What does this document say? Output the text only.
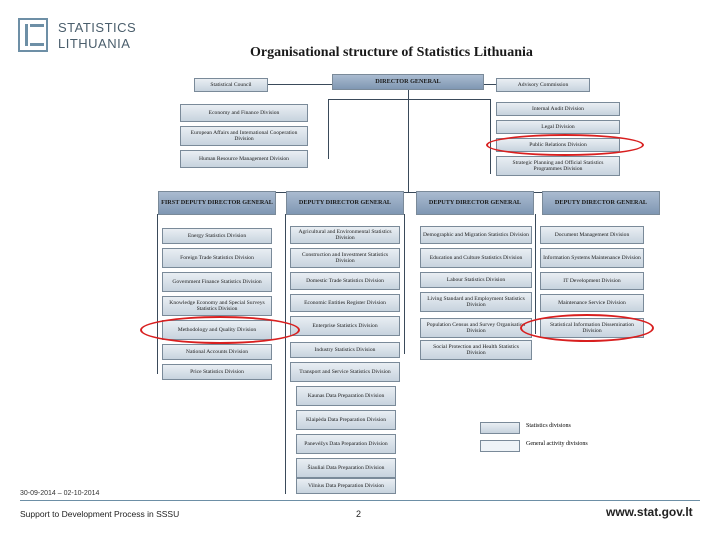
STATISTICS
LITHUANIA
Organisational structure of Statistics Lithuania
Statistical Council	DIRECTOR GENERAL	Advisory Commission
Economy and Finance Division
European Affairs and International Cooperation Division
Human Resource Management Division
Internal Audit Division
Legal Division
Public Relations Division
Strategic Planning and Official Statistics Programmes Division
FIRST DEPUTY DIRECTOR GENERAL	DEPUTY DIRECTOR GENERAL	DEPUTY DIRECTOR GENERAL	DEPUTY DIRECTOR GENERAL
Energy Statistics Division
Foreign Trade Statistics Division
Government Finance Statistics Division
Knowledge Economy and Special Surveys Statistics Division
Methodology and Quality Division
National Accounts Division
Price Statistics Division
Agricultural and Environmental Statistics Division
Construction and Investment Statistics Division
Domestic Trade Statistics Division
Economic Entities Register Division
Enterprise Statistics Division
Industry Statistics Division
Transport and Service Statistics Division
Kaunas Data Preparation Division
Klaipėda Data Preparation Division
Panevėžys Data Preparation Division
Šiauliai Data Preparation Division
Vilnius Data Preparation Division
Demographic and Migration Statistics Division
Education and Culture Statistics Division
Labour Statistics Division
Living Standard and Employment Statistics Division
Population Census and Survey Organisation Division
Social Protection and Health Statistics Division
Document Management Division
Information Systems Maintenance Division
IT Development Division
Maintenance Service Division
Statistical Information Dissemination Division
Statistics divisions
General activity divisions
30-09-2014 – 02-10-2014
Support to Development Process in SSSU	2	www.stat.gov.lt
